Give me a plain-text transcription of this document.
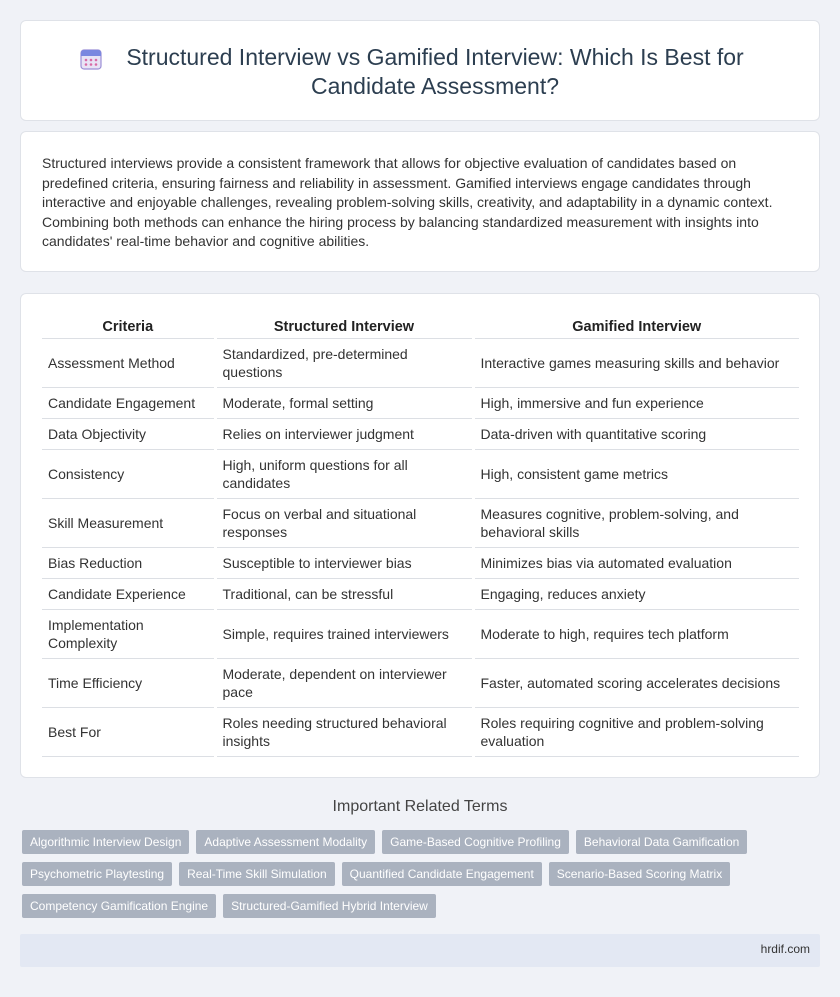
Structured Interview vs Gamified Interview: Which Is Best for Candidate Assessment?

Structured interviews provide a consistent framework that allows for objective evaluation of candidates based on predefined criteria, ensuring fairness and reliability in assessment. Gamified interviews engage candidates through interactive and enjoyable challenges, revealing problem-solving skills, creativity, and adaptability in a dynamic context. Combining both methods can enhance the hiring process by balancing standardized measurement with insights into candidates' real-time behavior and cognitive abilities.

Criteria	Structured Interview	Gamified Interview
Assessment Method	Standardized, pre-determined questions	Interactive games measuring skills and behavior
Candidate Engagement	Moderate, formal setting	High, immersive and fun experience
Data Objectivity	Relies on interviewer judgment	Data-driven with quantitative scoring
Consistency	High, uniform questions for all candidates	High, consistent game metrics
Skill Measurement	Focus on verbal and situational responses	Measures cognitive, problem-solving, and behavioral skills
Bias Reduction	Susceptible to interviewer bias	Minimizes bias via automated evaluation
Candidate Experience	Traditional, can be stressful	Engaging, reduces anxiety
Implementation Complexity	Simple, requires trained interviewers	Moderate to high, requires tech platform
Time Efficiency	Moderate, dependent on interviewer pace	Faster, automated scoring accelerates decisions
Best For	Roles needing structured behavioral insights	Roles requiring cognitive and problem-solving evaluation
Important Related Terms
Algorithmic Interview Design	Adaptive Assessment Modality	Game-Based Cognitive Profiling	Behavioral Data Gamification
Psychometric Playtesting	Real-Time Skill Simulation	Quantified Candidate Engagement	Scenario-Based Scoring Matrix
Competency Gamification Engine	Structured-Gamified Hybrid Interview
hrdif.com
